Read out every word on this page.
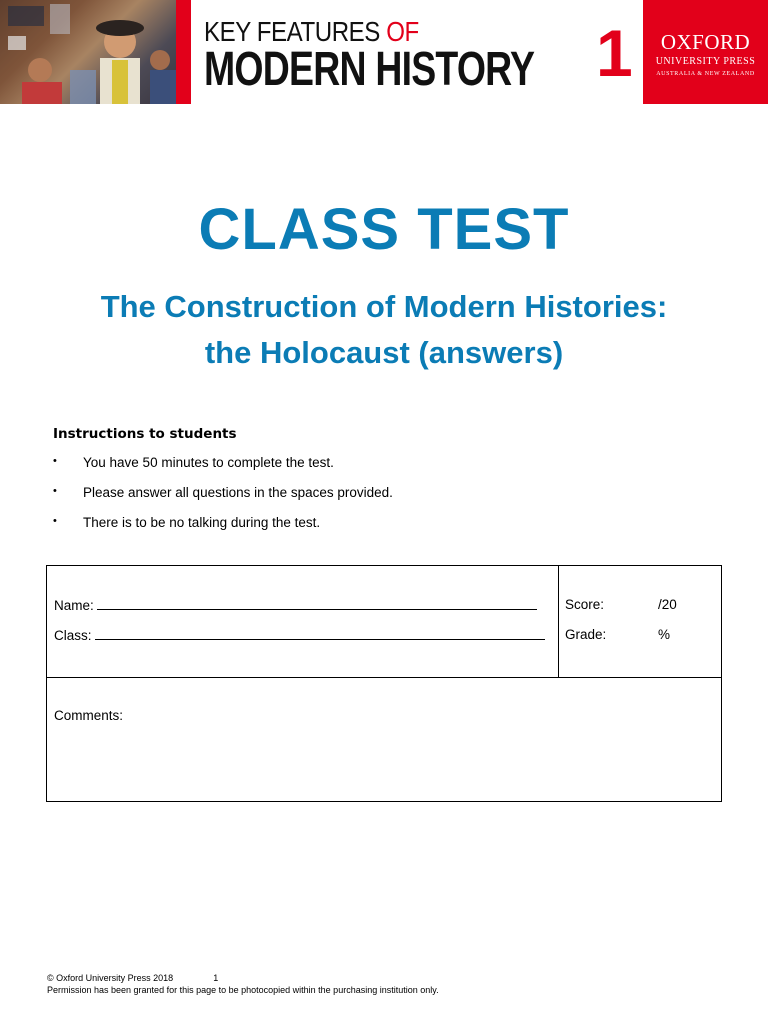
KEY FEATURES OF
MODERN HISTORY 1	OXFORD
UNIVERSITY PRESS
AUSTRALIA & NEW ZEALAND
CLASS TEST
The Construction of Modern Histories:
the Holocaust (answers)
Instructions to students
• You have 50 minutes to complete the test.
• Please answer all questions in the spaces provided.
• There is to be no talking during the test.
Name:
Class:
Score:	/20
Grade:	%
Comments:
© Oxford University Press 2018	1
Permission has been granted for this page to be photocopied within the purchasing institution only.
